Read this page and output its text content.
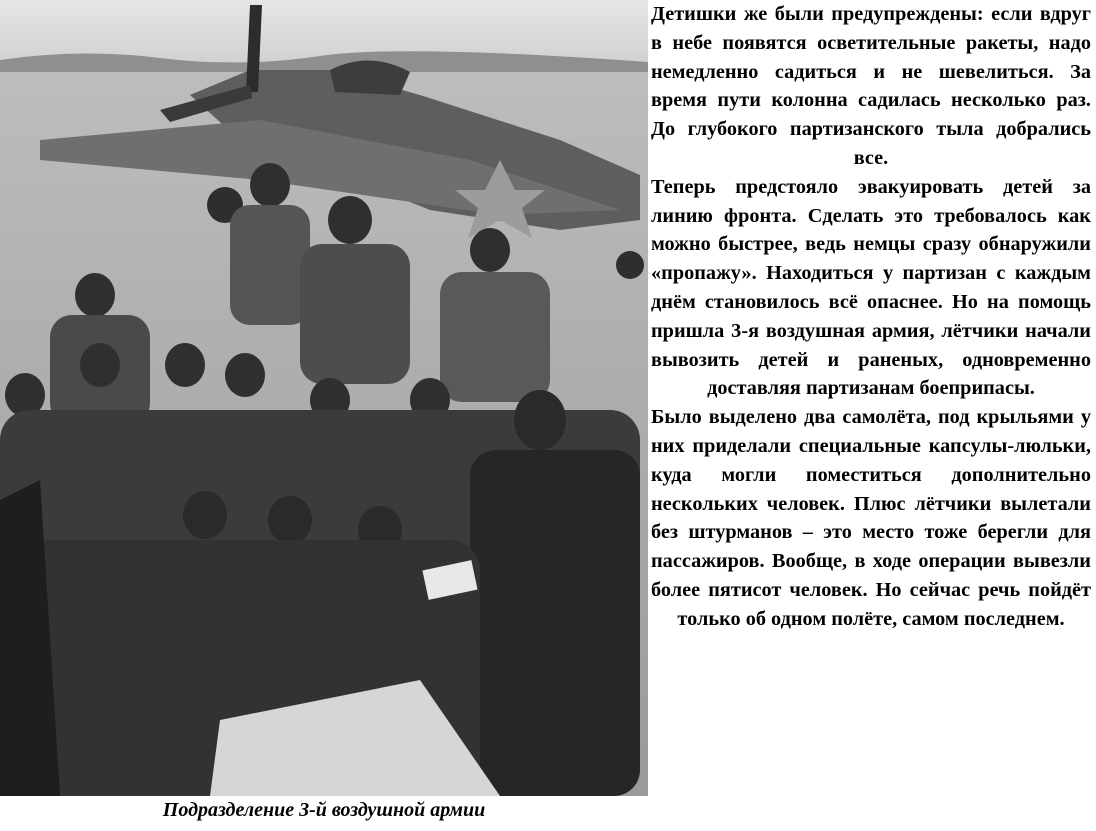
Подразделение 3-й воздушной армии

Детишки же были предупреждены: если вдруг в небе появятся осветительные ракеты, надо немедленно садиться и не шевелиться. За время пути колонна садилась несколько раз. До глубокого партизанского тыла добрались все.

Теперь предстояло эвакуировать детей за линию фронта. Сделать это требовалось как можно быстрее, ведь немцы сразу обнаружили «пропажу». Находиться у партизан с каждым днём становилось всё опаснее. Но на помощь пришла 3-я воздушная армия, лётчики начали вывозить детей и раненых, одновременно доставляя партизанам боеприпасы.

Было выделено два самолёта, под крыльями у них приделали специальные капсулы-люльки, куда могли поместиться дополнительно нескольких человек. Плюс лётчики вылетали без штурманов – это место тоже берегли для пассажиров. Вообще, в ходе операции вывезли более пятисот человек. Но сейчас речь пойдёт только об одном полёте, самом последнем.
